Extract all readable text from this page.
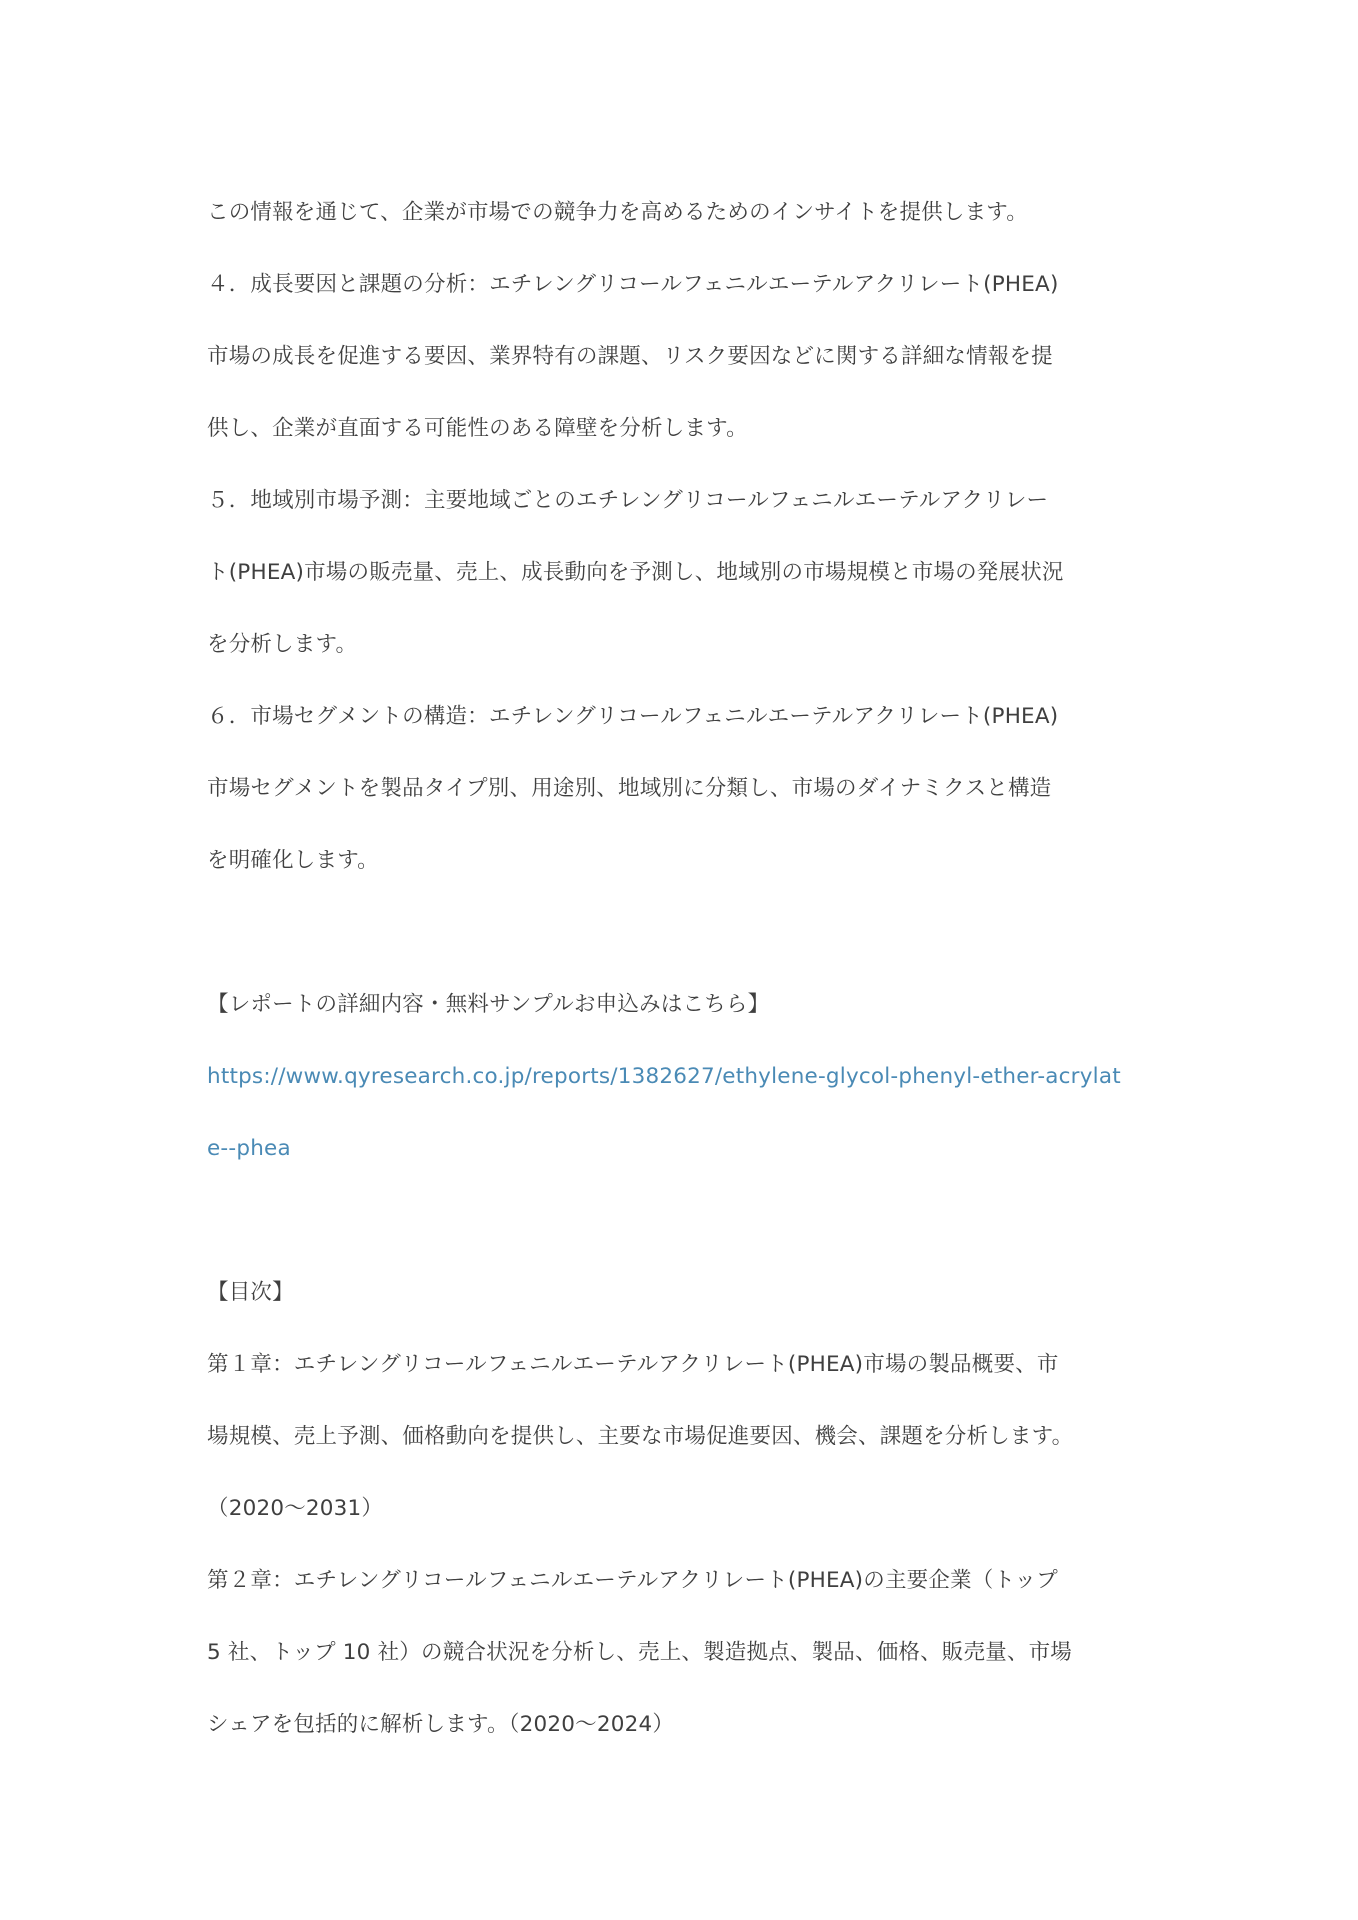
この情報を通じて、企業が市場での競争力を高めるためのインサイトを提供します。
４．成長要因と課題の分析：エチレングリコールフェニルエーテルアクリレート(PHEA)
市場の成長を促進する要因、業界特有の課題、リスク要因などに関する詳細な情報を提
供し、企業が直面する可能性のある障壁を分析します。
５．地域別市場予測：主要地域ごとのエチレングリコールフェニルエーテルアクリレー
ト(PHEA)市場の販売量、売上、成長動向を予測し、地域別の市場規模と市場の発展状況
を分析します。
６．市場セグメントの構造：エチレングリコールフェニルエーテルアクリレート(PHEA)
市場セグメントを製品タイプ別、用途別、地域別に分類し、市場のダイナミクスと構造
を明確化します。
【レポートの詳細内容・無料サンプルお申込みはこちら】
https://www.qyresearch.co.jp/reports/1382627/ethylene-glycol-phenyl-ether-acrylat
e--phea
【目次】
第１章：エチレングリコールフェニルエーテルアクリレート(PHEA)市場の製品概要、市
場規模、売上予測、価格動向を提供し、主要な市場促進要因、機会、課題を分析します。
（2020～2031）
第２章：エチレングリコールフェニルエーテルアクリレート(PHEA)の主要企業（トップ
5 社、トップ 10 社）の競合状況を分析し、売上、製造拠点、製品、価格、販売量、市場
シェアを包括的に解析します。（2020～2024）
